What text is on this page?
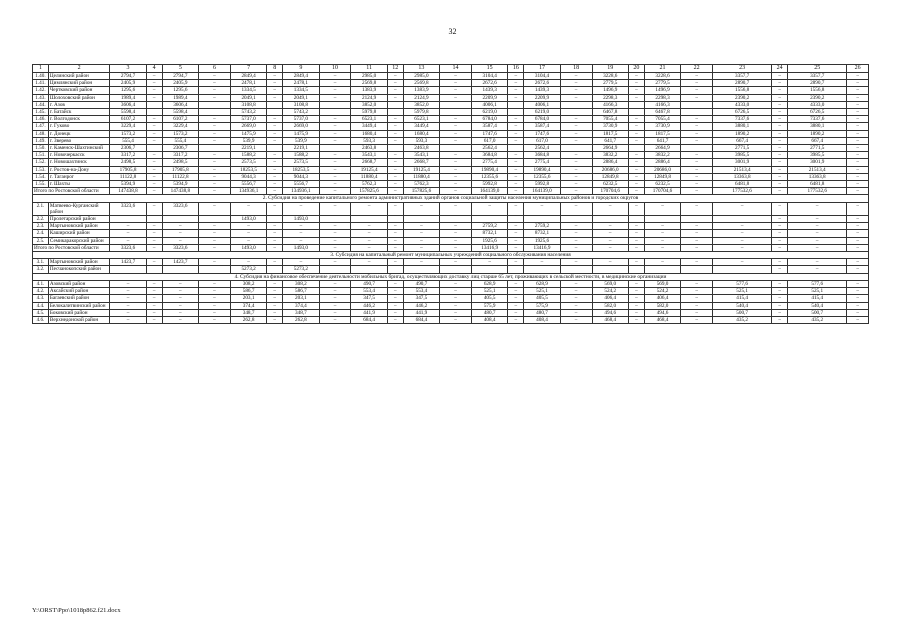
32
1	2	3	4	5	6	7	8	9	10	11	12	13	14	15	16	17	18	19	20	21	22	23	24	25	26
1.40.	Целинский район	2794,7	–	2794,7	–	2849,4	–	2849,4	–	2985,0	–	2985,0	–	3104,4	–	3104,4	–	3228,6	–	3228,6	–	3357,7	–	3357,7	–
1.41.	Цимлянский район	2405,9	–	2405,9	–	2478,1	–	2478,1	–	2569,8	–	2569,8	–	2672,6	–	2672,6	–	2779,5	–	2779,5	–	2890,7	–	2890,7	–
1.42.	Чертковский район	1295,6	–	1295,6	–	1334,5	–	1334,5	–	1383,9	–	1383,9	–	1439,3	–	1439,3	–	1496,9	–	1496,9	–	1556,8	–	1556,8	–
1.43.	Шолоховский район	1989,4	–	1989,4	–	2049,1	–	2049,1	–	2124,9	–	2124,9	–	2209,9	–	2209,9	–	2298,3	–	2298,3	–	2390,2	–	2390,2	–
1.44.	г. Азов	3606,4		3606,4		3108,8		3108,8		3852,0		3852,0		4006,1		4006,1		4166,3		4166,3		4333,0	–	4333,0	–
1.45.	г. Батайск	5598,4		5598,4		5743,2		5743,2		5979,8		5979,8		6219,0		6219,0		6467,8		6467,8		6726,5	–	6726,5	–
1.46.	г. Волгодонск	6107,2	–	6107,2	–	5737,0	–	5737,0	–	6523,1	–	6523,1	–	6784,0	–	6784,0	–	7055,4	–	7055,4	–	7337,6	–	7337,6	–
1.47.	г. Гуково	3229,4	–	3229,4	–	2669,0	–	2669,0	–	3449,4	–	3449,4	–	3587,4	–	3587,4	–	3730,9	–	3730,9	–	3880,1	–	3880,1	–
1.48.	г. Донецк	1573,2	–	1573,2	–	1475,9	–	1475,9	–	1680,4	–	1680,4	–	1747,6	–	1747,6	–	1817,5	–	1817,5	–	1890,2	–	1890,2	–
1.49.	г. Зверево	555,4	–	555,4	–	539,9	–	539,9	–	593,3	–	593,3	–	617,0	–	617,0	–	641,7	–	641,7	–	667,4	–	667,4	–
1.50.	г. Каменск-Шахтинский	2306,7		2306,7		2219,1		2219,1		2463,8		2463,8		2562,4		2562,4		2664,9		2664,9		2771,5	–	2771,5	–
1.51.	г. Новочеркасск	3317,2	–	3317,2	–	1588,2	–	1588,2	–	3543,1	–	3543,1	–	3684,8	–	3684,8	–	3832,2	–	3832,2	–	3985,5	–	3985,5	–
1.52.	г. Новошахтинск	2498,5	–	2498,5	–	2573,5	–	2573,5	–	2668,7	–	2668,7	–	2775,4	–	2775,4	–	2886,4	–	2886,4	–	3001,9	–	3001,9	–
1.53.	г. Ростов-на-Дону	17905,8	–	17905,8	–	18253,5	–	18253,5	–	19125,4	–	19125,4	–	19890,4	–	19890,4	–	20686,0	–	20686,0	–	21513,4	–	21513,4	–
1.54.	г. Таганрог	11122,8	–	11122,8	–	9044,3	–	9044,3	–	11880,4	–	11880,4	–	12355,6	–	12355,6	–	12849,8	–	12849,8	–	13363,8	–	13363,8	–
1.55.	г. Шахты	5394,9	–	5394,9	–	5556,7	–	5556,7	–	5762,3	–	5762,3	–	5992,8	–	5992,8	–	6232,5	–	6232,5	–	6481,8	–	6481,8	–
Итого по Ростовской области		147438,8	–	147438,8	–	134936,1	–	134936,1	–	157825,6	–	157825,6	–	164139,0	–	164139,0	–	170704,6	–	170704,6	–	177532,6	–	177532,6	–
2. Субсидия на проведение капитального ремонта административных зданий органов социальной защиты населения муниципальных районов и городских округов																									
2.1.	Матвеево-Курганский район	3323,6	–	3323,6	–	–	–	–	–	–	–	–	–	–	–	–	–	–	–	–	–	–	–	–	–
2.2.	Пролетарский район					1493,0		1493,0															–	–	–
2.3.	Мартыновский район	–	–	–	–	–	–	–	–	–	–	–	–	2759,2	–	2759,2	–	–	–	–	–	–	–	–	–
2.4.	Каширский район	–	–	–	–	–	–	–	–	–	–	–	–	8732,1	–	8732,1	–	–	–	–	–	–	–	–	–
2.5.	Семикаракорский район	–	–	–	–	–	–	–	–	–	–	–	–	1925,6	–	1925,6	–	–	–	–	–	–	–	–	–
Итого по Ростовской области		3323,6	–	3323,6	–	1493,0	–	1493,0	–	–	–	–	–	13416,9	–	13416,9	–	–	–	–	–	–	–	–	–
3. Субсидия на капитальный ремонт муниципальных учреждений социального обслуживания населения																									
3.1.	Мартыновский район	1423,7	–	1423,7	–	–	–	–	–	–	–	–	–	–	–	–	–	–	–	–	–	–	–	–	–
3.2.	Песчанокопский район					5273,2		5273,2															–	–	–
4. Субсидия на финансовое обеспечение деятельности мобильных бригад, осуществляющих доставку лиц старше 65 лет, проживающих в сельской местности, в медицинские организации																									
4.1.	Азовский район	–	–	–	–	308,2	–	308,2	–	490,7	–	490,7	–	628,9	–	628,9	–	569,0	–	569,0	–	577,6	–	577,6	–
4.2.	Аксайский район	–	–	–	–	586,7	–	586,7	–	553,4	–	553,4	–	525,1	–	525,1	–	524,2	–	524,2	–	525,1	–	525,1	–
4.3.	Багаевский район	–	–	–	–	203,1	–	203,1	–	347,5	–	347,5	–	405,5	–	405,5	–	406,4	–	406,4	–	415,4	–	415,4	–
4.4.	Белокалитвинский район	–	–	–	–	374,4	–	374,4	–	446,2	–	446,2	–	575,9	–	575,9	–	582,0	–	582,0	–	540,4	–	540,4	–
4.5.	Боковский район	–	–	–	–	348,7	–	348,7	–	441,9	–	441,9	–	480,7	–	480,7	–	494,6	–	494,6	–	500,7	–	500,7	–
4.6.	Верхнедонской район	–	–	–	–	262,8	–	262,8	–	684,4	–	684,4	–	408,4	–	408,4	–	468,4	–	468,4	–	435,2	–	435,2	–
Y:\ORST\Ppo\1018p862.f21.docx
